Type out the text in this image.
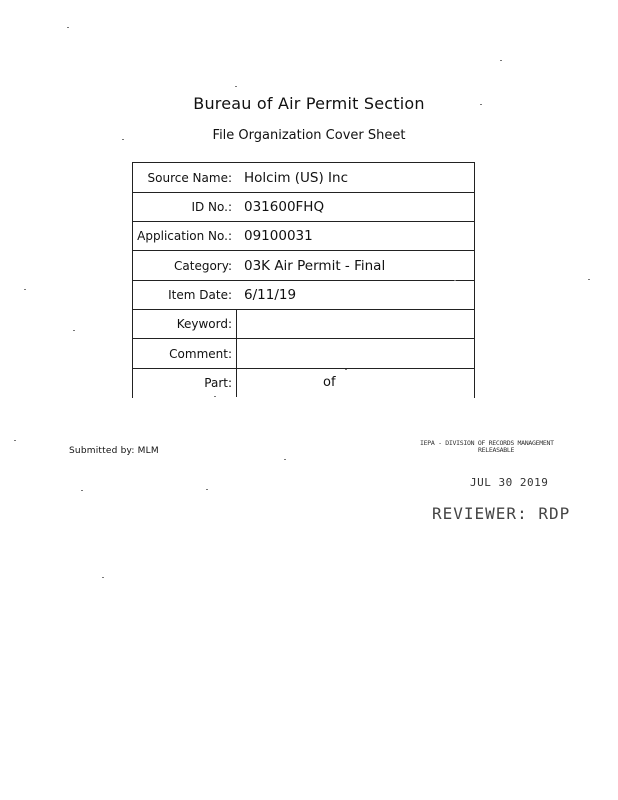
Bureau of Air Permit Section
File Organization Cover Sheet
Source Name: Holcim (US) Inc
ID No.: 031600FHQ
Application No.: 09100031
Category: 03K Air Permit - Final
Item Date: 6/11/19
Keyword:
Comment:
Part:	of
Submitted by: MLM
IEPA - DIVISION OF RECORDS MANAGEMENT
RELEASABLE
JUL 30 2019
REVIEWER: RDP
